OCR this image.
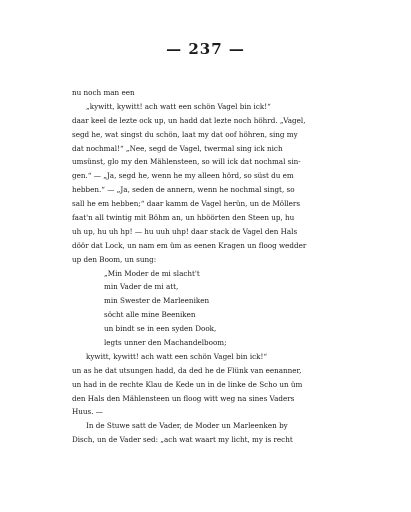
— 237 —
nu noch man een
„kywitt, kywitt! ach watt een schön Vagel bin ick!“
daar keel de lezte ock up, un hadd dat lezte noch höhrd. „Vagel,
segd he, wat singst du schön, laat my dat oof höhren, sing my
dat nochmal!“ „Nee, segd de Vagel, twermal sing ick nich
umsünst, glo my den Mählensteen, so will ick dat nochmal sin-
gen.“ — „Ja, segd he, wenn he my alleen hörd, so süst du em
hebben.“ — „Ja, seden de annern, wenn he nochmal singt, so
sall he em hebben;“ daar kamm de Vagel herün, un de Möllers
faat'n all twintig mit Böhm an, un hböörten den Steen up, hu
uh up, hu uh hp! — hu uuh uhp! daar stack de Vagel den Hals
döör dat Lock, un nam em üm as eenen Kragen un floog wedder
up den Boom, un sung:
„Min Moder de mi slacht't
min Vader de mi att,
min Swester de Marleeniken
söcht alle mine Beeniken
un bindt se in een syden Dook,
legts unner den Machandelboom;
kywitt, kywitt! ach watt een schön Vagel bin ick!“
un as he dat utsungen hadd, da ded he de Flünk van eenanner,
un had in de rechte Klau de Kede un in de linke de Scho un üm
den Hals den Mählensteen un floog witt weg na sines Vaders
Huus. —
In de Stuwe satt de Vader, de Moder un Marleenken by
Disch, un de Vader sed: „ach wat waart my licht, my is recht
